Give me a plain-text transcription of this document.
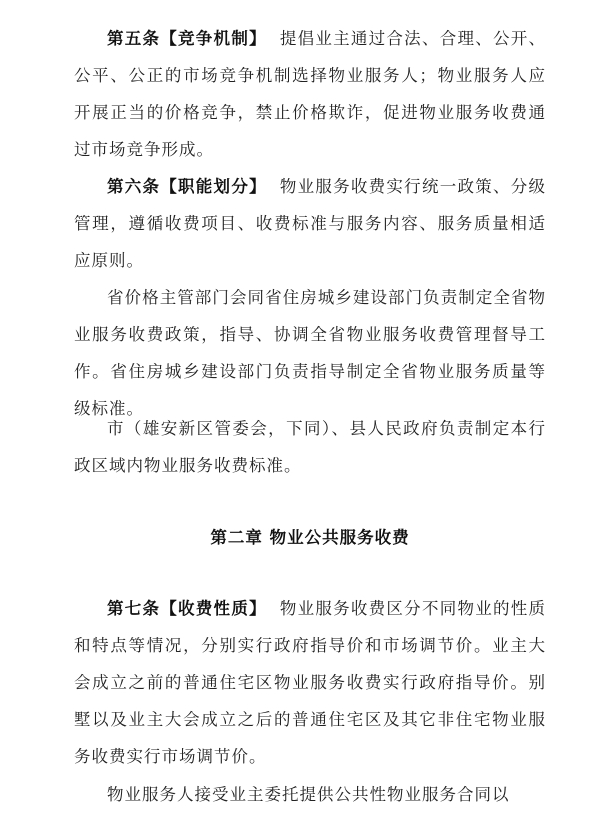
第五条【竞争机制】 提倡业主通过合法、合理、公开、公平、公正的市场竞争机制选择物业服务人；物业服务人应开展正当的价格竞争，禁止价格欺诈，促进物业服务收费通过市场竞争形成。

第六条【职能划分】 物业服务收费实行统一政策、分级管理，遵循收费项目、收费标准与服务内容、服务质量相适应原则。

省价格主管部门会同省住房城乡建设部门负责制定全省物业服务收费政策，指导、协调全省物业服务收费管理督导工作。省住房城乡建设部门负责指导制定全省物业服务质量等级标准。

市（雄安新区管委会，下同）、县人民政府负责制定本行政区域内物业服务收费标准。

第二章 物业公共服务收费

第七条【收费性质】 物业服务收费区分不同物业的性质和特点等情况，分别实行政府指导价和市场调节价。业主大会成立之前的普通住宅区物业服务收费实行政府指导价。别墅以及业主大会成立之后的普通住宅区及其它非住宅物业服务收费实行市场调节价。

物业服务人接受业主委托提供公共性物业服务合同以
